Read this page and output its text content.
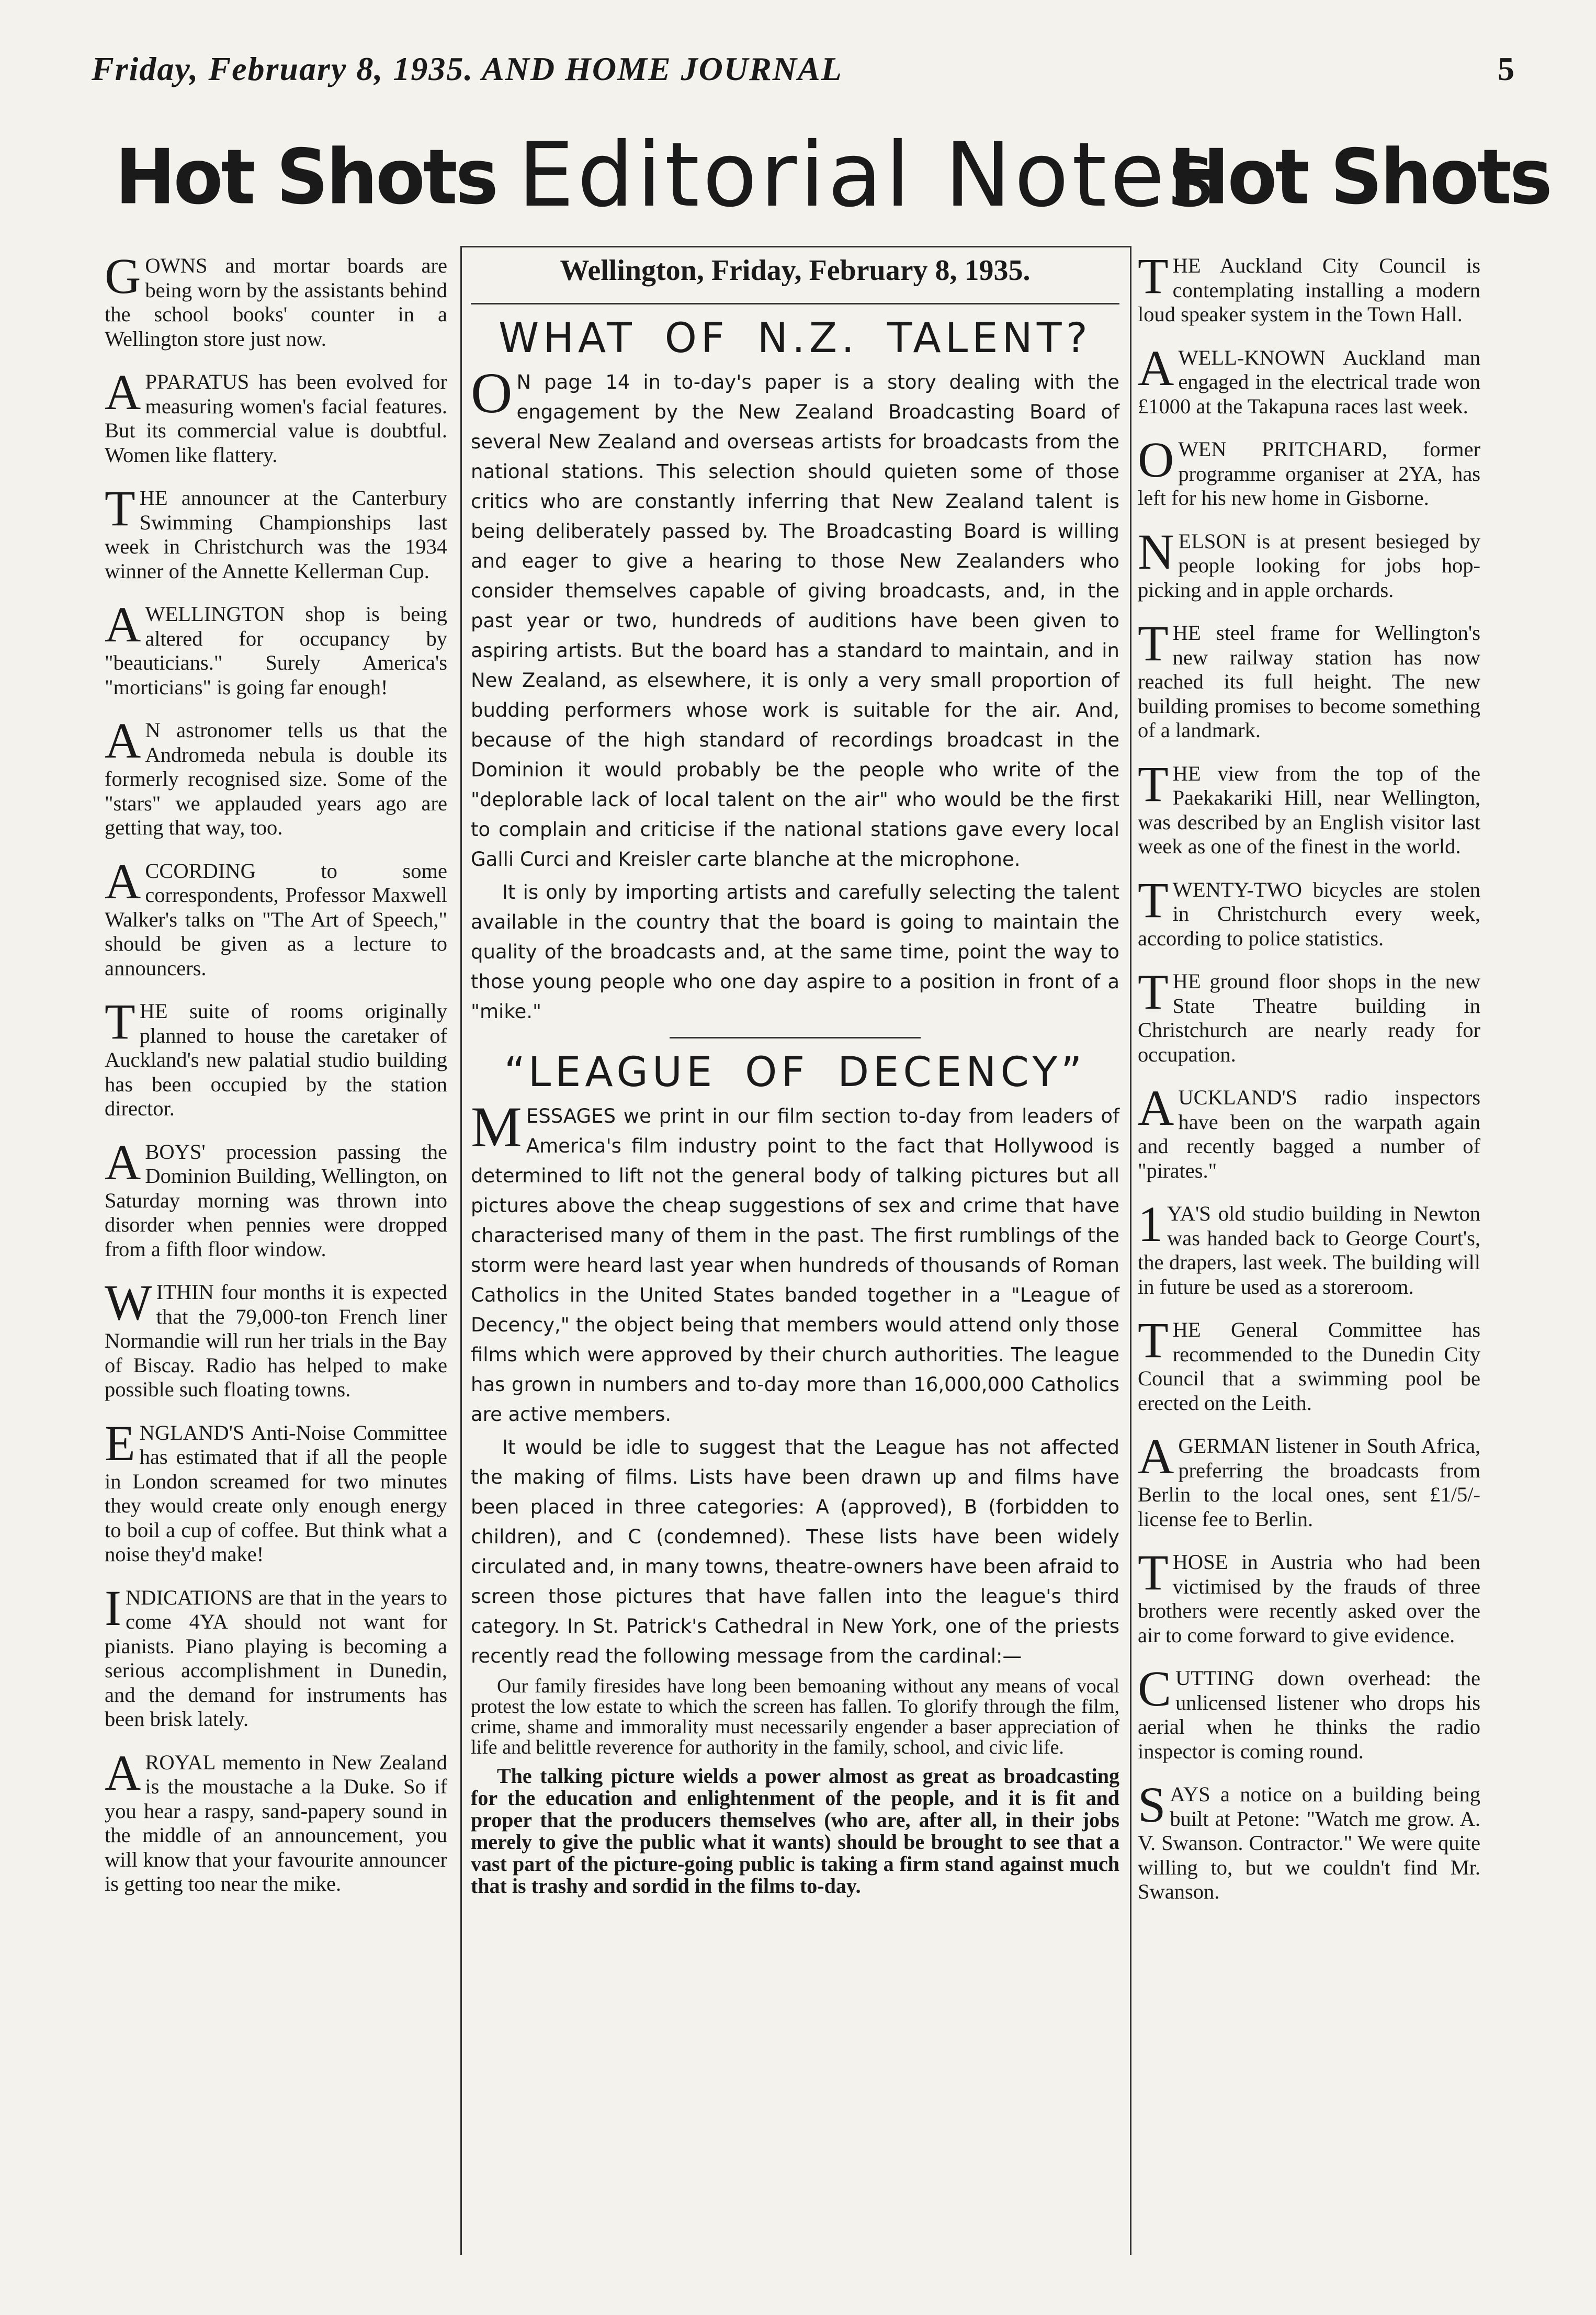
Friday, February 8, 1935. AND HOME JOURNAL	5
Hot Shots Editorial Notes
Hot Shots

GOWNS and mortar boards are being worn by the assistants behind the school books' counter in a Wellington store just now.

APPARATUS has been evolved for measuring women's facial features. But its commercial value is doubtful. Women like flattery.

THE announcer at the Canterbury Swimming Championships last week in Christchurch was the 1934 winner of the Annette Kellerman Cup.

A WELLINGTON shop is being altered for occupancy by "beauticians." Surely America's "morticians" is going far enough!

A N astronomer tells us that the Andromeda nebula is double its formerly recognised size. Some of the "stars" we applauded years ago are getting that way, too.

ACCORDING to some correspondents, Professor Maxwell Walker's talks on "The Art of Speech," should be given as a lecture to announcers.

THE suite of rooms originally planned to house the caretaker of Auckland's new palatial studio building has been occupied by the station director.

A BOYS' procession passing the Dominion Building, Wellington, on Saturday morning was thrown into disorder when pennies were dropped from a fifth floor window.

WITHIN four months it is expected that the 79,000-ton French liner Normandie will run her trials in the Bay of Biscay. Radio has helped to make possible such floating towns.

ENGLAND'S Anti-Noise Committee has estimated that if all the people in London screamed for two minutes they would create only enough energy to boil a cup of coffee. But think what a noise they'd make!

INDICATIONS are that in the years to come 4YA should not want for pianists. Piano playing is becoming a serious accomplishment in Dunedin, and the demand for instruments has been brisk lately.

A ROYAL memento in New Zealand is the moustache a la Duke. So if you hear a raspy, sand-papery sound in the middle of an announcement, you will know that your favourite announcer is getting too near the mike.

Wellington, Friday, February 8, 1935.
WHAT OF N.Z. TALENT?

O N page 14 in to-day's paper is a story dealing with the engagement by the New Zealand Broadcasting Board of several New Zealand and overseas artists for broadcasts from the national stations. This selection should quieten some of those critics who are constantly inferring that New Zealand talent is being deliberately passed by. The Broadcasting Board is willing and eager to give a hearing to those New Zealanders who consider themselves capable of giving broadcasts, and, in the past year or two, hundreds of auditions have been given to aspiring artists. But the board has a standard to maintain, and in New Zealand, as elsewhere, it is only a very small proportion of budding performers whose work is suitable for the air. And, because of the high standard of recordings broadcast in the Dominion it would probably be the people who write of the "deplorable lack of local talent on the air" who would be the first to complain and criticise if the national stations gave every local Galli Curci and Kreisler carte blanche at the microphone.

It is only by importing artists and carefully selecting the talent available in the country that the board is going to maintain the quality of the broadcasts and, at the same time, point the way to those young people who one day aspire to a position in front of a "mike."

“LEAGUE OF DECENCY”

MESSAGES we print in our film section to-day from leaders of America's film industry point to the fact that Hollywood is determined to lift not the general body of talking pictures but all pictures above the cheap suggestions of sex and crime that have characterised many of them in the past. The first rumblings of the storm were heard last year when hundreds of thousands of Roman Catholics in the United States banded together in a "League of Decency," the object being that members would attend only those films which were approved by their church authorities. The league has grown in numbers and to-day more than 16,000,000 Catholics are active members.

It would be idle to suggest that the League has not affected the making of films. Lists have been drawn up and films have been placed in three categories: A (approved), B (forbidden to children), and C (condemned). These lists have been widely circulated and, in many towns, theatre-owners have been afraid to screen those pictures that have fallen into the league's third category. In St. Patrick's Cathedral in New York, one of the priests recently read the following message from the cardinal:—

Our family firesides have long been bemoaning without any means of vocal protest the low estate to which the screen has fallen. To glorify through the film, crime, shame and immorality must necessarily engender a baser appreciation of life and belittle reverence for authority in the family, school, and civic life.

The talking picture wields a power almost as great as broadcasting for the education and enlightenment of the people, and it is fit and proper that the producers themselves (who are, after all, in their jobs merely to give the public what it wants) should be brought to see that a vast part of the picture-going public is taking a firm stand against much that is trashy and sordid in the films to-day.

THE Auckland City Council is contemplating installing a modern loud speaker system in the Town Hall.

A WELL-KNOWN Auckland man engaged in the electrical trade won £1000 at the Takapuna races last week.

OWEN PRITCHARD, former programme organiser at 2YA, has left for his new home in Gisborne.

NELSON is at present besieged by people looking for jobs hop-picking and in apple orchards.

THE steel frame for Wellington's new railway station has now reached its full height. The new building promises to become something of a landmark.

THE view from the top of the Paekakariki Hill, near Wellington, was described by an English visitor last week as one of the finest in the world.

TWENTY-TWO bicycles are stolen in Christchurch every week, according to police statistics.

THE ground floor shops in the new State Theatre building in Christchurch are nearly ready for occupation.

AUCKLAND'S radio inspectors have been on the warpath again and recently bagged a number of "pirates."

1 YA'S old studio building in Newton was handed back to George Court's, the drapers, last week. The building will in future be used as a storeroom.

THE General Committee has recommended to the Dunedin City Council that a swimming pool be erected on the Leith.

A GERMAN listener in South Africa, preferring the broadcasts from Berlin to the local ones, sent £1/5/- license fee to Berlin.

THOSE in Austria who had been victimised by the frauds of three brothers were recently asked over the air to come forward to give evidence.

CUTTING down overhead: the unlicensed listener who drops his aerial when he thinks the radio inspector is coming round.

SAYS a notice on a building being built at Petone: "Watch me grow. A. V. Swanson. Contractor." We were quite willing to, but we couldn't find Mr. Swanson.
